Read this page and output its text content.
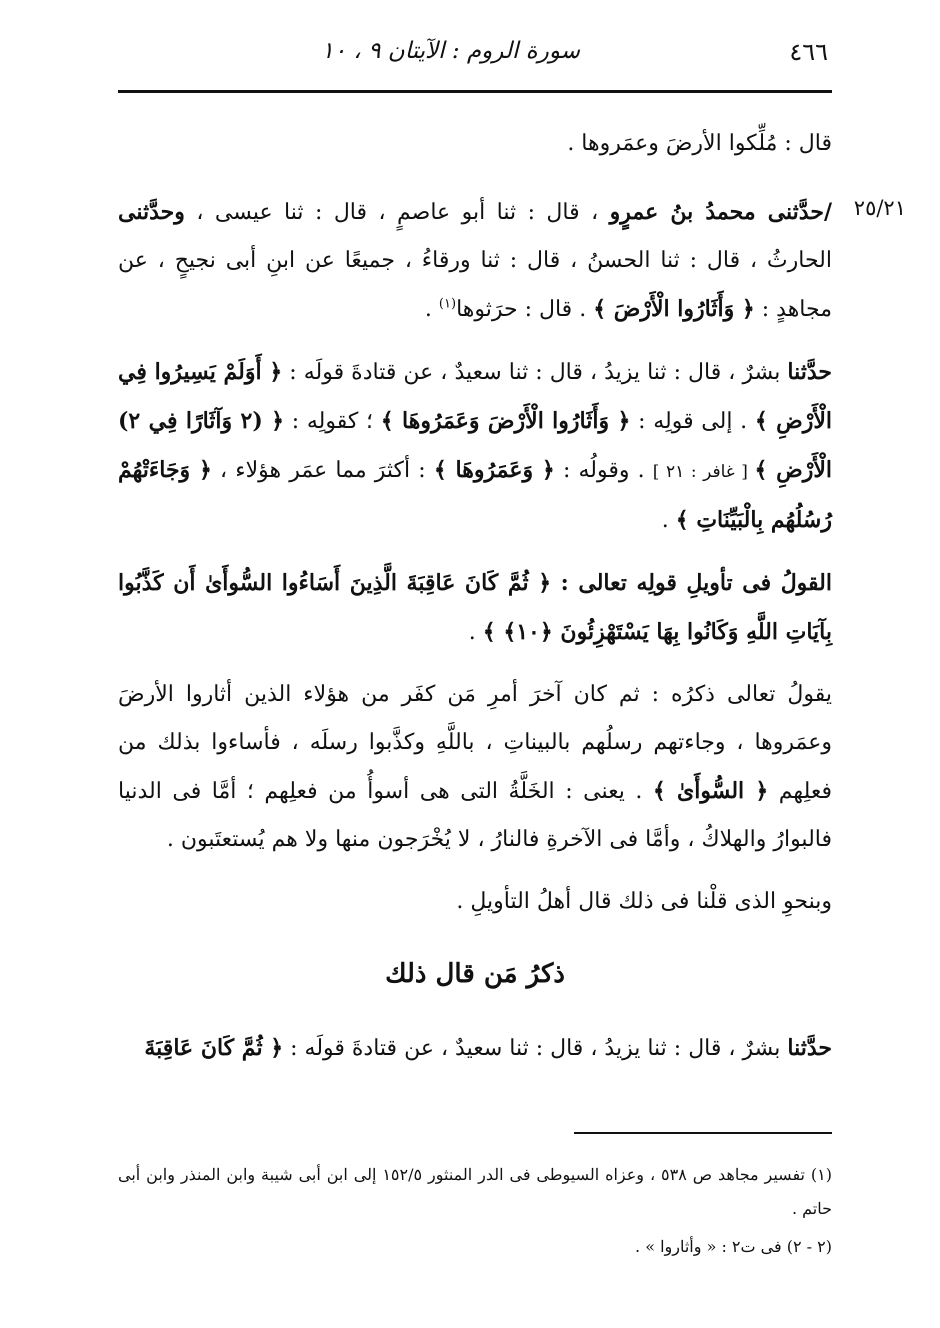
٤٦٦
سورة الروم : الآيتان ٩ ، ١٠
٢٥/٢١

قال : مُلِّكوا الأرضَ وعمَروها .

/حدَّثنى محمدُ بنُ عمرٍو ، قال : ثنا أبو عاصمٍ ، قال : ثنا عيسى ، وحدَّثنى الحارثُ ، قال : ثنا الحسنُ ، قال : ثنا ورقاءُ ، جميعًا عن ابنِ أبى نجيحٍ ، عن مجاهدٍ : ﴿ وَأَثَارُوا الْأَرْضَ ﴾ . قال : حرَثوها$^{(١)}$ .

حدَّثنا بشرٌ ، قال : ثنا يزيدُ ، قال : ثنا سعيدٌ ، عن قتادةَ قولَه : ﴿ أَوَلَمْ يَسِيرُوا فِي الْأَرْضِ ﴾ . إلى قولِه : ﴿ وَأَثَارُوا الْأَرْضَ وَعَمَرُوهَا ﴾ ؛ كقولِه : ﴿ (٢ وَآثَارًا فِي ٢) الْأَرْضِ ﴾ [ غافر : ٢١ ] . وقولُه : ﴿ وَعَمَرُوهَا ﴾ : أكثرَ مما عمَر هؤلاء ، ﴿ وَجَاءَتْهُمْ رُسُلُهُم بِالْبَيِّنَاتِ ﴾ .

القولُ فى تأويلِ قولِه تعالى : ﴿ ثُمَّ كَانَ عَاقِبَةَ الَّذِينَ أَسَاءُوا السُّوأَىٰ أَن كَذَّبُوا بِآيَاتِ اللَّهِ وَكَانُوا بِهَا يَسْتَهْزِئُونَ ﴿١٠﴾ ﴾ .

يقولُ تعالى ذكرُه : ثم كان آخرَ أمرِ مَن كفَر من هؤلاء الذين أثاروا الأرضَ وعمَروها ، وجاءتهم رسلُهم بالبيناتِ ، باللَّهِ وكذَّبوا رسلَه ، فأساءوا بذلك من فعلِهم ﴿ السُّوأَىٰ ﴾ . يعنى : الخَلَّةُ التى هى أسوأُ من فعلِهم ؛ أمَّا فى الدنيا فالبوارُ والهلاكُ ، وأمَّا فى الآخرةِ فالنارُ ، لا يُخْرَجون منها ولا هم يُستعتَبون .

وبنحوِ الذى قلْنا فى ذلك قال أهلُ التأويلِ .

ذكرُ مَن قال ذلك

حدَّثنا بشرٌ ، قال : ثنا يزيدُ ، قال : ثنا سعيدٌ ، عن قتادةَ قولَه : ﴿ ثُمَّ كَانَ عَاقِبَةَ

(١) تفسير مجاهد ص ٥٣٨ ، وعزاه السيوطى فى الدر المنثور ١٥٢/٥ إلى ابن أبى شيبة وابن المنذر وابن أبى حاتم .

(٢ - ٢) فى ت٢ : « وأثاروا » .
